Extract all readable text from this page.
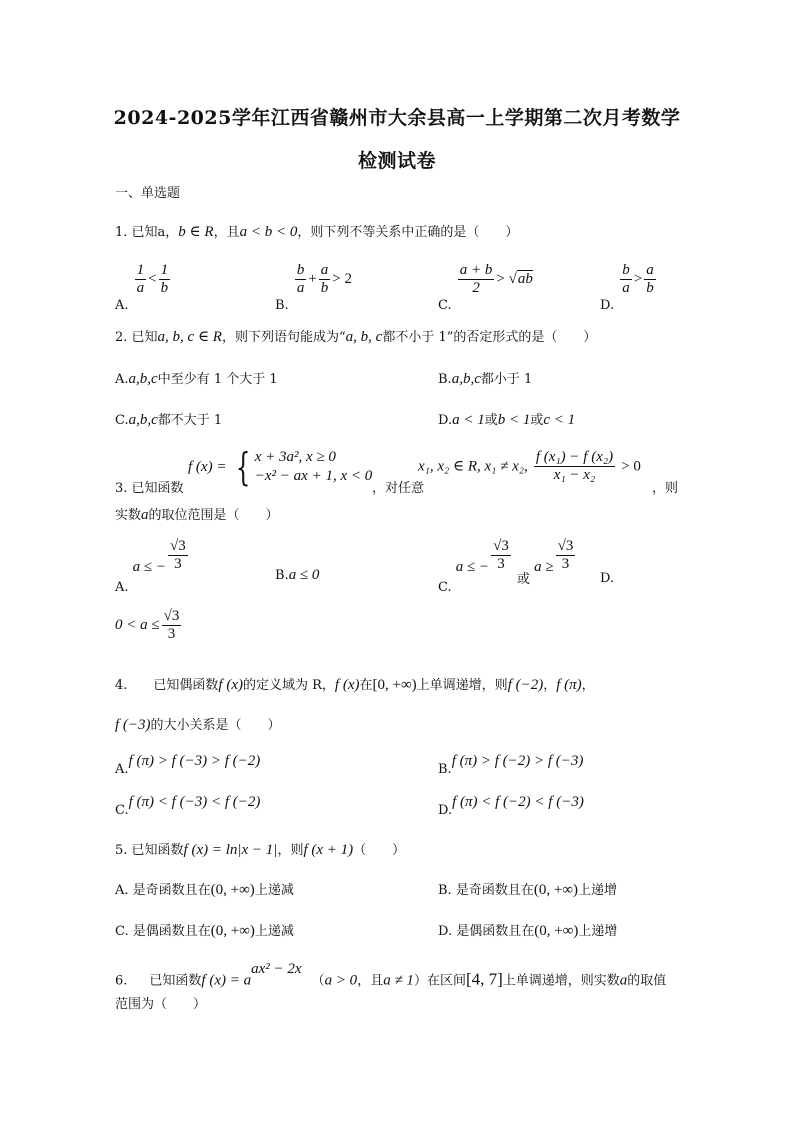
2024-2025学年江西省赣州市大余县高一上学期第二次月考数学
检测试卷
一、单选题
1. 已知a，b ∈ R，且a < b < 0，则下列不等关系中正确的是（　　）
A.
$\frac{1}{a} < \frac{1}{b}$
B.
$\frac{b}{a} + \frac{a}{b} > 2$
C.
$\frac{a + b}{2} > √ab$
D.
$\frac{b}{a} > \frac{a}{b}$
2. 已知a, b, c ∈ R，则下列语句能成为“a, b, c都不小于 1”的否定形式的是（　　）
A.a,b,c中至少有 1 个大于 1	B.a,b,c都小于 1
C.a,b,c都不大于 1	D.a < 1或b < 1或c < 1
3. 已知函数
f (x) = { x + 3a², x ≥ 0
−x² − ax + 1, x < 0
，对任意
x₁, x₂ ∈ R, x₁ ≠ x₂, $\frac{\text{f (x₁) − f (x₂)}}{\text{x₁ − x₂}} > 0$
，则
实数a的取位范围是（　　）
A. a ≤ − $\frac{√3}{3}$
B.a ≤ 0
C. a ≤ − $\frac{√3}{3}$
或 $a \ge \frac{√3}{3}$
D.
$0 < a \le \frac{√3}{3}$
4. 已知偶函数f (x)的定义域为 R，f (x)在[0, +∞)上单调递增，则f (−2)，f (π)，
f (−3)的大小关系是（　　）
A.f (π) > f (−3) > f (−2)
B.f (π) > f (−2) > f (−3)
C.f (π) < f (−3) < f (−2)
D.f (π) < f (−2) < f (−3)
5. 已知函数f (x) = ln|x − 1|，则f (x + 1)（　　）
A. 是奇函数且在(0, +∞)上递减	B. 是奇函数且在(0, +∞)上递增
C. 是偶函数且在(0, +∞)上递减	D. 是偶函数且在(0, +∞)上递增
6. 已知函数f $(x) = a^{ax^2 - 2x}(a > 0$，且a ≠ 1）在区间[4, 7]上单调递增，则实数a的取值
范围为（　　）
